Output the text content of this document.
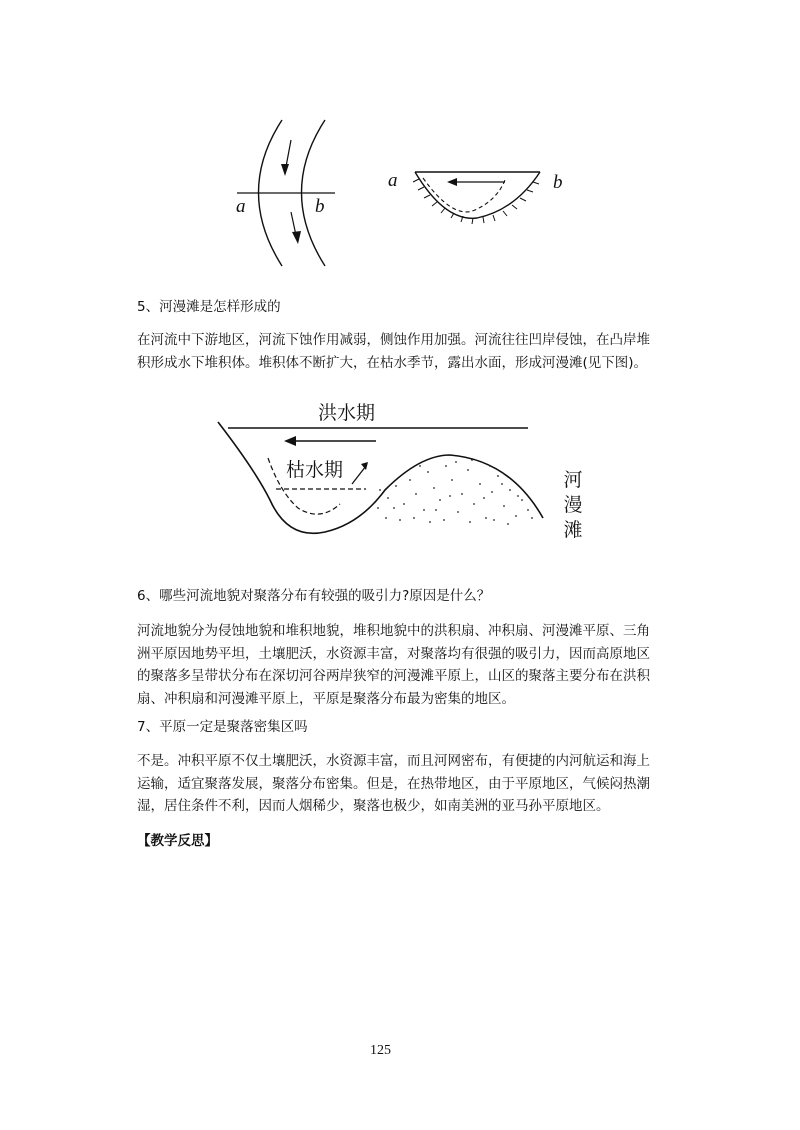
a	b
a	b
5、河漫滩是怎样形成的
在河流中下游地区，河流下蚀作用减弱，侧蚀作用加强。河流往往凹岸侵蚀，在凸岸堆
积形成水下堆积体。堆积体不断扩大，在枯水季节，露出水面，形成河漫滩(见下图)。
洪水期
枯水期	河
漫
滩
6、哪些河流地貌对聚落分布有较强的吸引力?原因是什么？
河流地貌分为侵蚀地貌和堆积地貌，堆积地貌中的洪积扇、冲积扇、河漫滩平原、三角
洲平原因地势平坦，土壤肥沃，水资源丰富，对聚落均有很强的吸引力，因而高原地区
的聚落多呈带状分布在深切河谷两岸狭窄的河漫滩平原上，山区的聚落主要分布在洪积
扇、冲积扇和河漫滩平原上，平原是聚落分布最为密集的地区。
7、平原一定是聚落密集区吗
不是。冲积平原不仅土壤肥沃，水资源丰富，而且河网密布，有便捷的内河航运和海上
运输，适宜聚落发展，聚落分布密集。但是，在热带地区，由于平原地区，气候闷热潮
湿，居住条件不利，因而人烟稀少，聚落也极少，如南美洲的亚马孙平原地区。
【教学反思】
125
